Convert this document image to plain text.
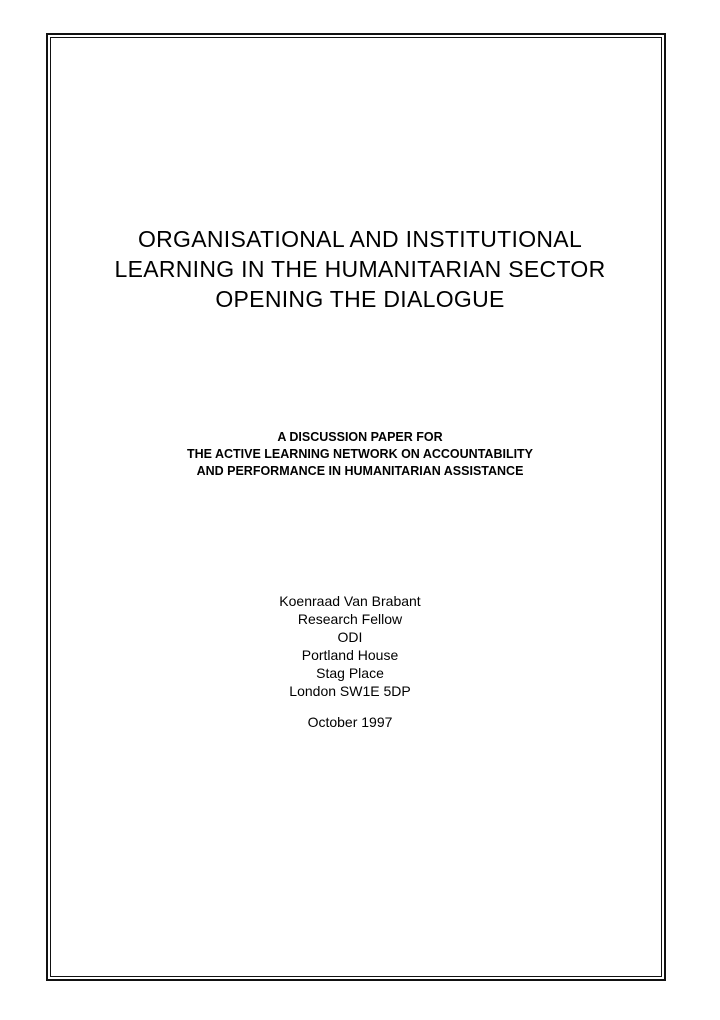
ORGANISATIONAL AND INSTITUTIONAL
LEARNING IN THE HUMANITARIAN SECTOR
OPENING THE DIALOGUE
A DISCUSSION PAPER FOR
THE ACTIVE LEARNING NETWORK ON ACCOUNTABILITY
AND PERFORMANCE IN HUMANITARIAN ASSISTANCE
Koenraad Van Brabant
Research Fellow
ODI
Portland House
Stag Place
London SW1E 5DP
October 1997
